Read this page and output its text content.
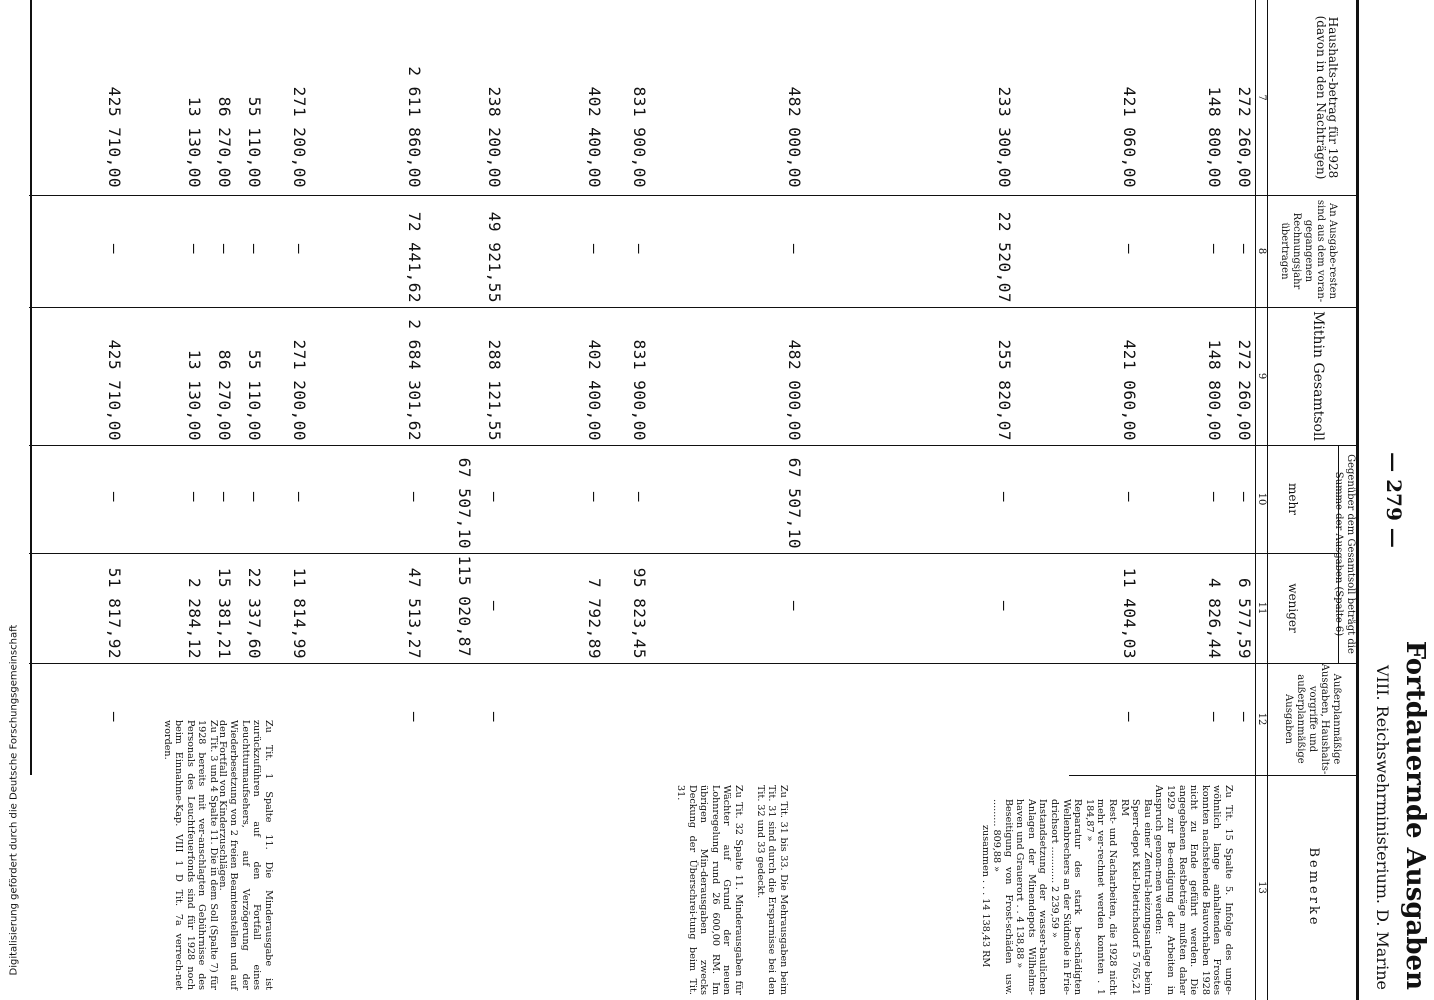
Digitalisierung gefördert durch die Deutsche Forschungsgemeinschaft	Fortdauernde Ausgaben
— 279 —
VIII. Reichswehrministerium. D. Marine
Haushalts-betrag für 1928 (davon in den Nachträgen)
An Ausgabe-resten sind aus dem voran-gegangenen Rechnungsjahr übertragen
Mithin Gesamtsoll
Gegenüber dem Gesamtsoll beträgt die Summe der Ausgaben (Spalte 6)
mehr
weniger
Außerplanmäßige Ausgaben, Haushalts-vorgriffe und außerplanmäßige Ausgaben
Bemerke
7
8
9
10
11
12
13
272 260,00
—
272 260,00
—
6 577,59
—
148 800,00
—
148 800,00
—
4 826,44
—
421 060,00
—
421 060,00
—
11 404,03
—
233 300,00
22 520,07
255 820,07
—
—
482 000,00
—
482 000,00
67 507,10
—
831 900,00
—
831 900,00
—
95 823,45
402 400,00
—
402 400,00
—
7 792,89
238 200,00
49 921,55
288 121,55
—
—
—
2 611 860,00
72 441,62
2 684 301,62
—
47 513,27
—
271 200,00
—
271 200,00
—
11 814,99
55 110,00
—
55 110,00
—
22 337,60
86 270,00
—
86 270,00
—
15 381,21
13 130,00
—
13 130,00
—
2 284,12
425 710,00
—
425 710,00
—
51 817,92
—
Zu Tit. 15 Spalte 5. Infolge des unge-wöhnlich lange anhaltenden Frostes konnten nachstehende Bauvorhaben 1928 nicht zu Ende geführt werden. Die angegebenen Restbeträge mußten daher 1929 zur Be-endigung der Arbeiten in Anspruch genom-men werden:
Bau einer Zentral-heizungsanlage beim Sperr-depot Kiel-Dietrichsdorf 5 765,21 RM
Rest- und Nacharbeiten, die 1928 nicht mehr ver-rechnet werden konnten . 1 184,87 »
Reparatur des stark be-schädigten Wellenbrechers an der Südmole in Frie-drichsort ............ 2 239,59 »
Instandsetzung der wasser-baulichen Anlagen der Minendepots Wilhelms-haven und Grauerort . . 4 138,88 »
Beseitigung von Frost-schäden usw. ......... 809,88 »
zusammen . . . 14 138,43 RM
Zu Tit. 31 bis 33. Die Mehrausgaben beim Tit. 31 sind durch die Ersparnisse bei den Tit. 32 und 33 gedeckt.
Zu Tit. 32 Spalte 11. Minderausgaben für Wächter auf Grund der neuen Lohnregelung rund 26 600,00 RM. Im übrigen Min-derausgaben zwecks Deckung der Überschrei-tung beim Tit. 31.
Zu Tit. 1 Spalte 11. Die Minderausgabe ist zurückzuführen auf den Fortfall eines Leuchtturmaufsehers, auf Verzögerung der Wiederbesetzung von 2 freien Beamtenstellen und auf den Fortfall von Kinderzuschlägen.
Zu Tit. 3 und 4 Spalte 11. Die in dem Soll (Spalte 7) für 1928 bereits mit ver-anschlagten Gebührnisse des Personals des Leuchtfeuerfonds sind für 1928 noch beim Einnahme-Kap. VIII 1 D Tit. 7a verrech-net worden.
67 507,10
115 020,87
